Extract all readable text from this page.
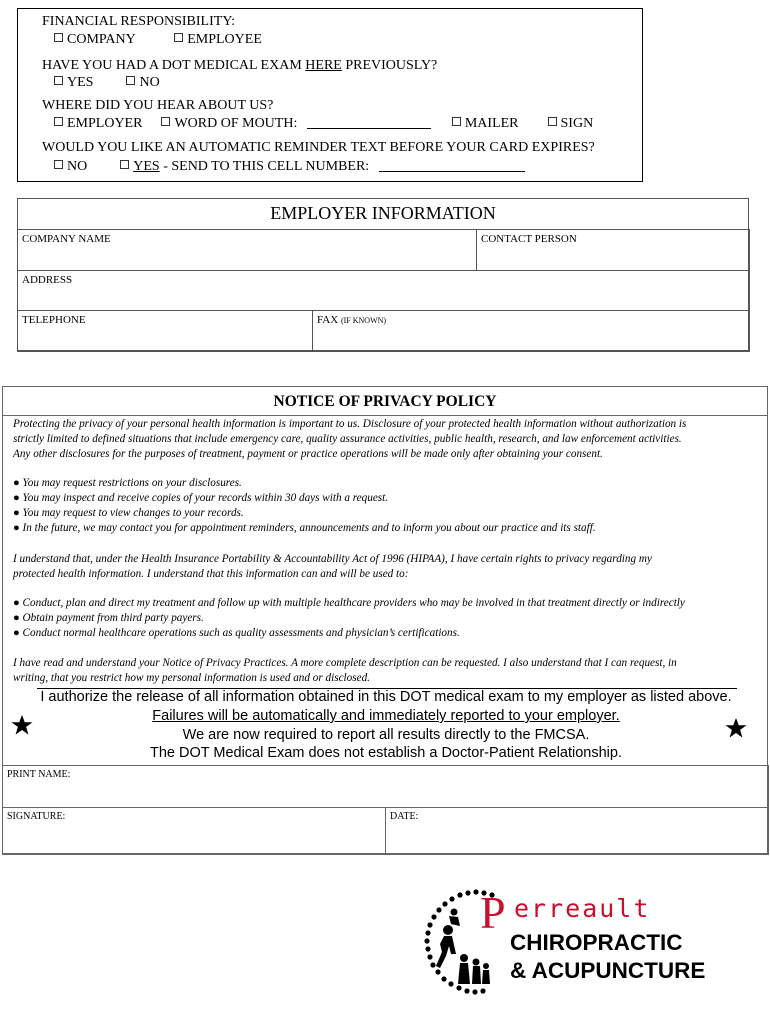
FINANCIAL RESPONSIBILITY:
COMPANY	EMPLOYEE
HAVE YOU HAD A DOT MEDICAL EXAM HERE PREVIOUSLY?
YES	NO
WHERE DID YOU HEAR ABOUT US?
EMPLOYER WORD OF MOUTH:	MAILER	SIGN
WOULD YOU LIKE AN AUTOMATIC REMINDER TEXT BEFORE YOUR CARD EXPIRES?
NO	YES - SEND TO THIS CELL NUMBER:
EMPLOYER INFORMATION
COMPANY NAME	CONTACT PERSON
ADDRESS
TELEPHONE	FAX (IF KNOWN)
NOTICE OF PRIVACY POLICY
Protecting the privacy of your personal health information is important to us. Disclosure of your protected health information without authorization is
strictly limited to defined situations that include emergency care, quality assurance activities, public health, research, and law enforcement activities.
Any other disclosures for the purposes of treatment, payment or practice operations will be made only after obtaining your consent.
● You may request restrictions on your disclosures.
● You may inspect and receive copies of your records within 30 days with a request.
● You may request to view changes to your records.
● In the future, we may contact you for appointment reminders, announcements and to inform you about our practice and its staff.
I understand that, under the Health Insurance Portability & Accountability Act of 1996 (HIPAA), I have certain rights to privacy regarding my
protected health information. I understand that this information can and will be used to:
● Conduct, plan and direct my treatment and follow up with multiple healthcare providers who may be involved in that treatment directly or indirectly
● Obtain payment from third party payers.
● Conduct normal healthcare operations such as quality assessments and physician’s certifications.
I have read and understand your Notice of Privacy Practices. A more complete description can be requested. I also understand that I can request, in
writing, that you restrict how my personal information is used and or disclosed.
I authorize the release of all information obtained in this DOT medical exam to my employer as listed above.
Failures will be automatically and immediately reported to your employer.
We are now required to report all results directly to the FMCSA.
The DOT Medical Exam does not establish a Doctor-Patient Relationship.
PRINT NAME:
SIGNATURE:	DATE:
P erreault
CHIROPRACTIC
& ACUPUNCTURE
